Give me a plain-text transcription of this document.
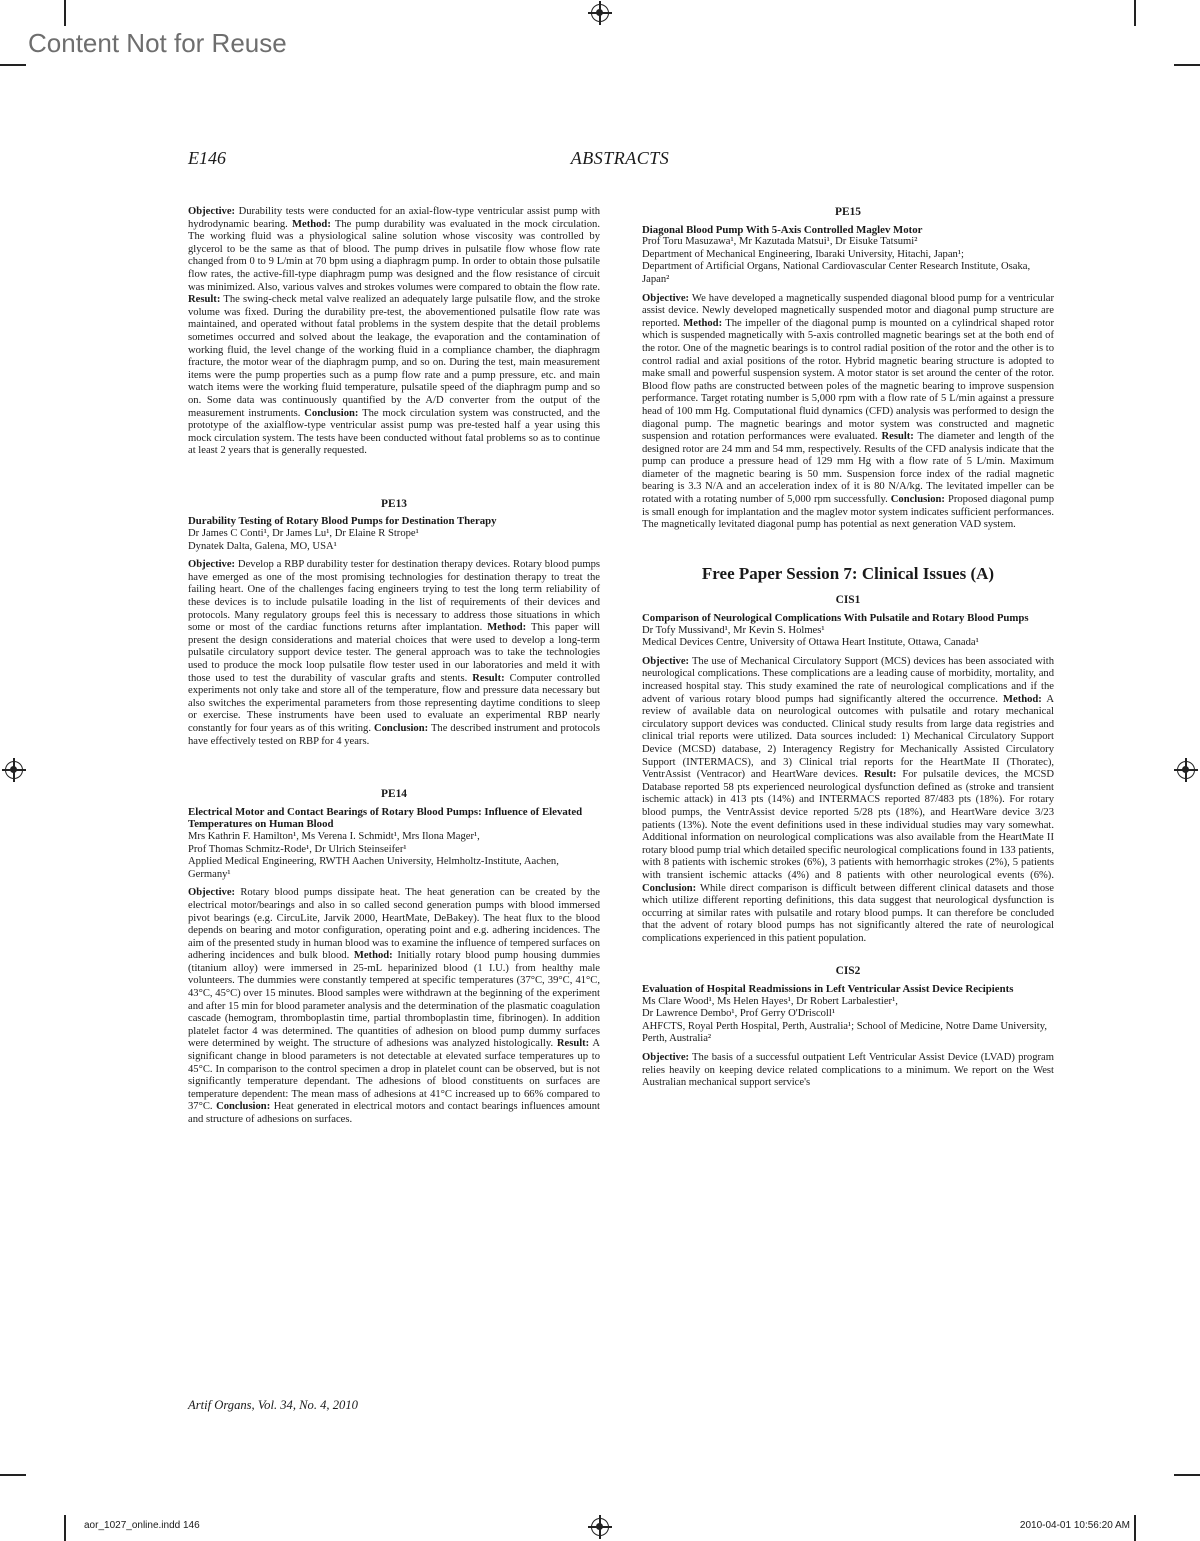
Content Not for Reuse
E146	ABSTRACTS

Objective: Durability tests were conducted for an axial-flow-type ventricular assist pump with hydrodynamic bearing. Method: The pump durability was evaluated in the mock circulation. The working fluid was a physiological saline solution whose viscosity was controlled by glycerol to be the same as that of blood. The pump drives in pulsatile flow whose flow rate changed from 0 to 9 L/min at 70 bpm using a diaphragm pump. In order to obtain those pulsatile flow rates, the active-fill-type diaphragm pump was designed and the flow resistance of circuit was minimized. Also, various valves and strokes volumes were compared to obtain the flow rate. Result: The swing-check metal valve realized an adequately large pulsatile flow, and the stroke volume was fixed. During the durability pre-test, the abovementioned pulsatile flow rate was maintained, and operated without fatal problems in the system despite that the detail problems sometimes occurred and solved about the leakage, the evaporation and the contamination of working fluid, the level change of the working fluid in a compliance chamber, the diaphragm fracture, the motor wear of the diaphragm pump, and so on. During the test, main measurement items were the pump properties such as a pump flow rate and a pump pressure, etc. and main watch items were the working fluid temperature, pulsatile speed of the diaphragm pump and so on. Some data was continuously quantified by the A/D converter from the output of the measurement instruments. Conclusion: The mock circulation system was constructed, and the prototype of the axialflow-type ventricular assist pump was pre-tested half a year using this mock circulation system. The tests have been conducted without fatal problems so as to continue at least 2 years that is generally requested.

PE13

Durability Testing of Rotary Blood Pumps for Destination Therapy

Dr James C Conti¹, Dr James Lu¹, Dr Elaine R Strope¹

Dynatek Dalta, Galena, MO, USA¹

Objective: Develop a RBP durability tester for destination therapy devices. Rotary blood pumps have emerged as one of the most promising technologies for destination therapy to treat the failing heart. One of the challenges facing engineers trying to test the long term reliability of these devices is to include pulsatile loading in the list of requirements of their devices and protocols. Many regulatory groups feel this is necessary to address those situations in which some or most of the cardiac functions returns after implantation. Method: This paper will present the design considerations and material choices that were used to develop a long-term pulsatile circulatory support device tester. The general approach was to take the technologies used to produce the mock loop pulsatile flow tester used in our laboratories and meld it with those used to test the durability of vascular grafts and stents. Result: Computer controlled experiments not only take and store all of the temperature, flow and pressure data necessary but also switches the experimental parameters from those representing daytime conditions to sleep or exercise. These instruments have been used to evaluate an experimental RBP nearly constantly for four years as of this writing. Conclusion: The described instrument and protocols have effectively tested on RBP for 4 years.

PE14

Electrical Motor and Contact Bearings of Rotary Blood Pumps: Influence of Elevated Temperatures on Human Blood

Mrs Kathrin F. Hamilton¹, Ms Verena I. Schmidt¹, Mrs Ilona Mager¹,

Prof Thomas Schmitz-Rode¹, Dr Ulrich Steinseifer¹

Applied Medical Engineering, RWTH Aachen University, Helmholtz-Institute, Aachen, Germany¹

Objective: Rotary blood pumps dissipate heat. The heat generation can be created by the electrical motor/bearings and also in so called second generation pumps with blood immersed pivot bearings (e.g. CircuLite, Jarvik 2000, HeartMate, DeBakey). The heat flux to the blood depends on bearing and motor configuration, operating point and e.g. adhering incidences. The aim of the presented study in human blood was to examine the influence of tempered surfaces on adhering incidences and bulk blood. Method: Initially rotary blood pump housing dummies (titanium alloy) were immersed in 25-mL heparinized blood (1 I.U.) from healthy male volunteers. The dummies were constantly tempered at specific temperatures (37°C, 39°C, 41°C, 43°C, 45°C) over 15 minutes. Blood samples were withdrawn at the beginning of the experiment and after 15 min for blood parameter analysis and the determination of the plasmatic coagulation cascade (hemogram, thromboplastin time, partial thromboplastin time, fibrinogen). In addition platelet factor 4 was determined. The quantities of adhesion on blood pump dummy surfaces were determined by weight. The structure of adhesions was analyzed histologically. Result: A significant change in blood parameters is not detectable at elevated surface temperatures up to 45°C. In comparison to the control specimen a drop in platelet count can be observed, but is not significantly temperature dependant. The adhesions of blood constituents on surfaces are temperature dependent: The mean mass of adhesions at 41°C increased up to 66% compared to 37°C. Conclusion: Heat generated in electrical motors and contact bearings influences amount and structure of adhesions on surfaces.

PE15

Diagonal Blood Pump With 5-Axis Controlled Maglev Motor

Prof Toru Masuzawa¹, Mr Kazutada Matsui¹, Dr Eisuke Tatsumi²

Department of Mechanical Engineering, Ibaraki University, Hitachi, Japan¹;

Department of Artificial Organs, National Cardiovascular Center Research Institute, Osaka, Japan²

Objective: We have developed a magnetically suspended diagonal blood pump for a ventricular assist device. Newly developed magnetically suspended motor and diagonal pump structure are reported. Method: The impeller of the diagonal pump is mounted on a cylindrical shaped rotor which is suspended magnetically with 5-axis controlled magnetic bearings set at the both end of the rotor. One of the magnetic bearings is to control radial position of the rotor and the other is to control radial and axial positions of the rotor. Hybrid magnetic bearing structure is adopted to make small and powerful suspension system. A motor stator is set around the center of the rotor. Blood flow paths are constructed between poles of the magnetic bearing to improve suspension performance. Target rotating number is 5,000 rpm with a flow rate of 5 L/min against a pressure head of 100 mm Hg. Computational fluid dynamics (CFD) analysis was performed to design the diagonal pump. The magnetic bearings and motor system was constructed and magnetic suspension and rotation performances were evaluated. Result: The diameter and length of the designed rotor are 24 mm and 54 mm, respectively. Results of the CFD analysis indicate that the pump can produce a pressure head of 129 mm Hg with a flow rate of 5 L/min. Maximum diameter of the magnetic bearing is 50 mm. Suspension force index of the radial magnetic bearing is 3.3 N/A and an acceleration index of it is 80 N/A/kg. The levitated impeller can be rotated with a rotating number of 5,000 rpm successfully. Conclusion: Proposed diagonal pump is small enough for implantation and the maglev motor system indicates sufficient performances. The magnetically levitated diagonal pump has potential as next generation VAD system.

Free Paper Session 7: Clinical Issues (A)
CIS1

Comparison of Neurological Complications With Pulsatile and Rotary Blood Pumps

Dr Tofy Mussivand¹, Mr Kevin S. Holmes¹

Medical Devices Centre, University of Ottawa Heart Institute, Ottawa, Canada¹

Objective: The use of Mechanical Circulatory Support (MCS) devices has been associated with neurological complications. These complications are a leading cause of morbidity, mortality, and increased hospital stay. This study examined the rate of neurological complications and if the advent of various rotary blood pumps had significantly altered the occurrence. Method: A review of available data on neurological outcomes with pulsatile and rotary mechanical circulatory support devices was conducted. Clinical study results from large data registries and clinical trial reports were utilized. Data sources included: 1) Mechanical Circulatory Support Device (MCSD) database, 2) Interagency Registry for Mechanically Assisted Circulatory Support (INTERMACS), and 3) Clinical trial reports for the HeartMate II (Thoratec), VentrAssist (Ventracor) and HeartWare devices. Result: For pulsatile devices, the MCSD Database reported 58 pts experienced neurological dysfunction defined as (stroke and transient ischemic attack) in 413 pts (14%) and INTERMACS reported 87/483 pts (18%). For rotary blood pumps, the VentrAssist device reported 5/28 pts (18%), and HeartWare device 3/23 patients (13%). Note the event definitions used in these individual studies may vary somewhat. Additional information on neurological complications was also available from the HeartMate II rotary blood pump trial which detailed specific neurological complications found in 133 patients, with 8 patients with ischemic strokes (6%), 3 patients with hemorrhagic strokes (2%), 5 patients with transient ischemic attacks (4%) and 8 patients with other neurological events (6%). Conclusion: While direct comparison is difficult between different clinical datasets and those which utilize different reporting definitions, this data suggest that neurological dysfunction is occurring at similar rates with pulsatile and rotary blood pumps. It can therefore be concluded that the advent of rotary blood pumps has not significantly altered the rate of neurological complications experienced in this patient population.

CIS2

Evaluation of Hospital Readmissions in Left Ventricular Assist Device Recipients

Ms Clare Wood¹, Ms Helen Hayes¹, Dr Robert Larbalestier¹,

Dr Lawrence Dembo¹, Prof Gerry O'Driscoll¹

AHFCTS, Royal Perth Hospital, Perth, Australia¹; School of Medicine, Notre Dame University, Perth, Australia²

Objective: The basis of a successful outpatient Left Ventricular Assist Device (LVAD) program relies heavily on keeping device related complications to a minimum. We report on the West Australian mechanical support service's

Artif Organs, Vol. 34, No. 4, 2010
aor_1027_online.indd 146	2010-04-01 10:56:20 AM
